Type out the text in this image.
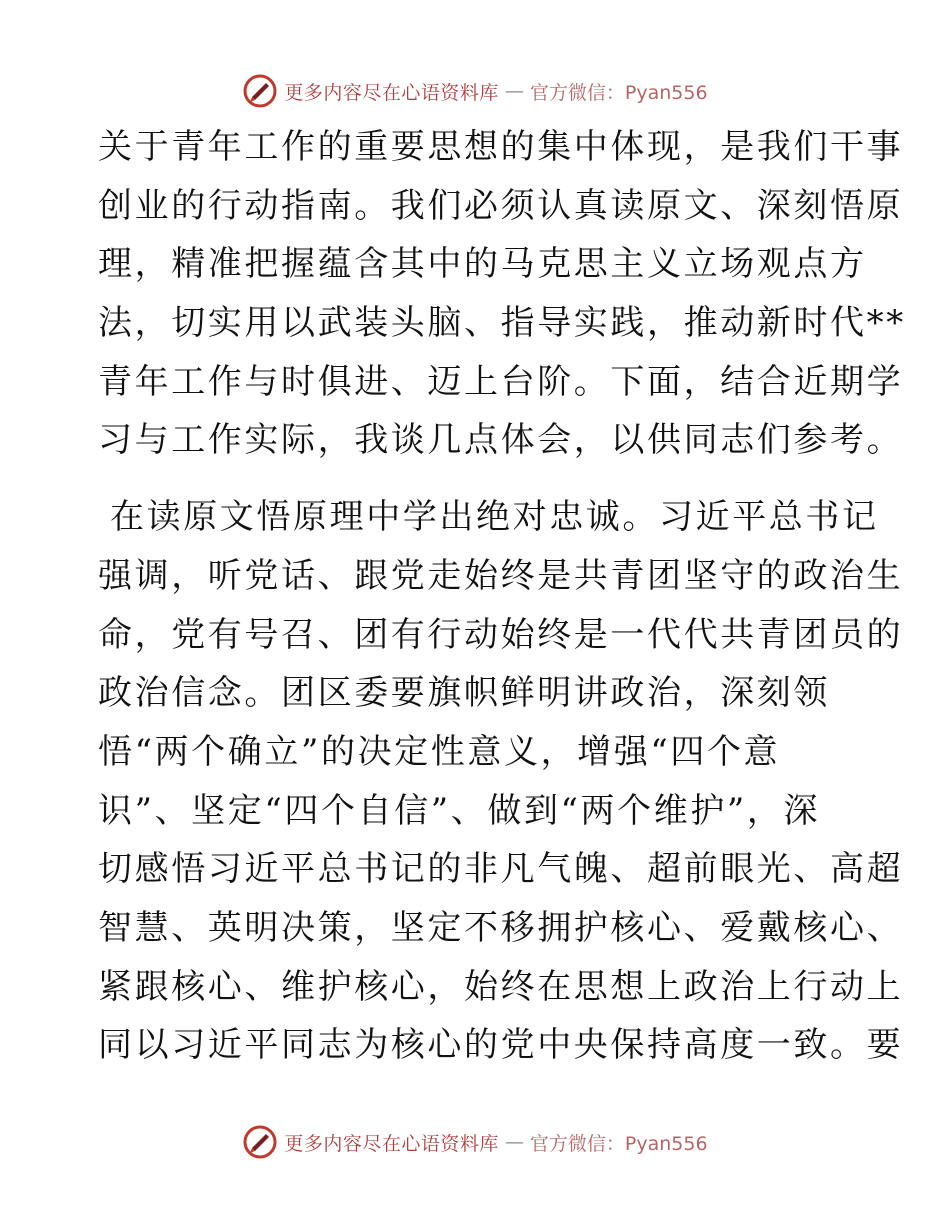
更多内容尽在心语资料库 — 官方微信：Pyan556
关于青年工作的重要思想的集中体现，是我们干事
创业的行动指南。我们必须认真读原文、深刻悟原
理，精准把握蕴含其中的马克思主义立场观点方
法，切实用以武装头脑、指导实践，推动新时代**
青年工作与时俱进、迈上台阶。下面，结合近期学
习与工作实际，我谈几点体会，以供同志们参考。
在读原文悟原理中学出绝对忠诚。习近平总书记
强调，听党话、跟党走始终是共青团坚守的政治生
命，党有号召、团有行动始终是一代代共青团员的
政治信念。团区委要旗帜鲜明讲政治，深刻领
悟“两个确立”的决定性意义，增强“四个意
识”、坚定“四个自信”、做到“两个维护”，深
切感悟习近平总书记的非凡气魄、超前眼光、高超
智慧、英明决策，坚定不移拥护核心、爱戴核心、
紧跟核心、维护核心，始终在思想上政治上行动上
同以习近平同志为核心的党中央保持高度一致。要
更多内容尽在心语资料库 — 官方微信：Pyan556
